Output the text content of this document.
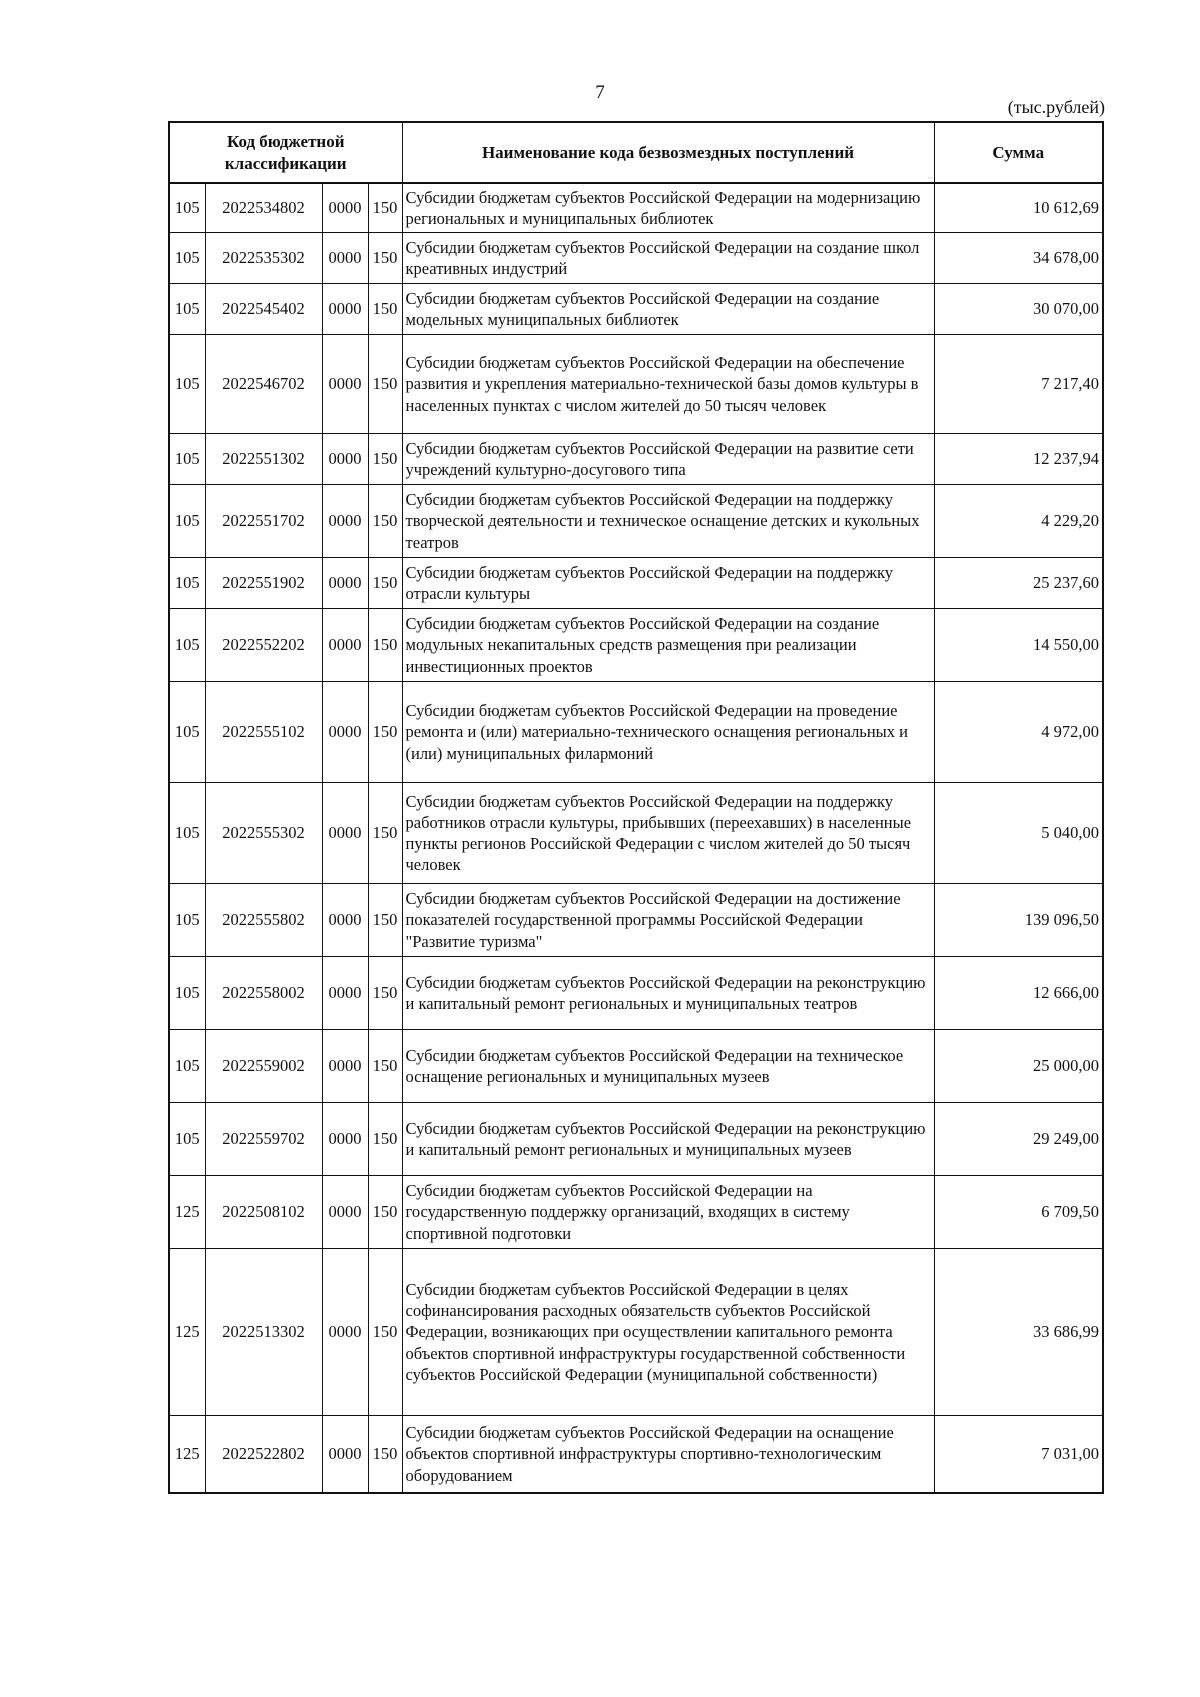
7
(тыс.рублей)
Код бюджетной классификации				Наименование кода безвозмездных поступлений	Сумма
105	2022534802	0000	150	Субсидии бюджетам субъектов Российской Федерации на модернизацию региональных и муниципальных библиотек	10 612,69
105	2022535302	0000	150	Субсидии бюджетам субъектов Российской Федерации на создание школ креативных индустрий	34 678,00
105	2022545402	0000	150	Субсидии бюджетам субъектов Российской Федерации на создание модельных муниципальных библиотек	30 070,00
105	2022546702	0000	150	Субсидии бюджетам субъектов Российской Федерации на обеспечение развития и укрепления материально-технической базы домов культуры в населенных пунктах с числом жителей до 50 тысяч человек	7 217,40
105	2022551302	0000	150	Субсидии бюджетам субъектов Российской Федерации на развитие сети учреждений культурно-досугового типа	12 237,94
105	2022551702	0000	150	Субсидии бюджетам субъектов Российской Федерации на поддержку творческой деятельности и техническое оснащение детских и кукольных театров	4 229,20
105	2022551902	0000	150	Субсидии бюджетам субъектов Российской Федерации на поддержку отрасли культуры	25 237,60
105	2022552202	0000	150	Субсидии бюджетам субъектов Российской Федерации на создание модульных некапитальных средств размещения при реализации инвестиционных проектов	14 550,00
105	2022555102	0000	150	Субсидии бюджетам субъектов Российской Федерации на проведение ремонта и (или) материально-технического оснащения региональных и (или) муниципальных филармоний	4 972,00
105	2022555302	0000	150	Субсидии бюджетам субъектов Российской Федерации на поддержку работников отрасли культуры, прибывших (переехавших) в населенные пункты регионов Российской Федерации с числом жителей до 50 тысяч человек	5 040,00
105	2022555802	0000	150	Субсидии бюджетам субъектов Российской Федерации на достижение показателей государственной программы Российской Федерации "Развитие туризма"	139 096,50
105	2022558002	0000	150	Субсидии бюджетам субъектов Российской Федерации на реконструкцию и капитальный ремонт региональных и муниципальных театров	12 666,00
105	2022559002	0000	150	Субсидии бюджетам субъектов Российской Федерации на техническое оснащение региональных и муниципальных музеев	25 000,00
105	2022559702	0000	150	Субсидии бюджетам субъектов Российской Федерации на реконструкцию и капитальный ремонт региональных и муниципальных музеев	29 249,00
125	2022508102	0000	150	Субсидии бюджетам субъектов Российской Федерации на государственную поддержку организаций, входящих в систему спортивной подготовки	6 709,50
125	2022513302	0000	150	Субсидии бюджетам субъектов Российской Федерации в целях софинансирования расходных обязательств субъектов Российской Федерации, возникающих при осуществлении капитального ремонта объектов спортивной инфраструктуры государственной собственности субъектов Российской Федерации (муниципальной собственности)	33 686,99
125	2022522802	0000	150	Субсидии бюджетам субъектов Российской Федерации на оснащение объектов спортивной инфраструктуры спортивно-технологическим оборудованием	7 031,00
